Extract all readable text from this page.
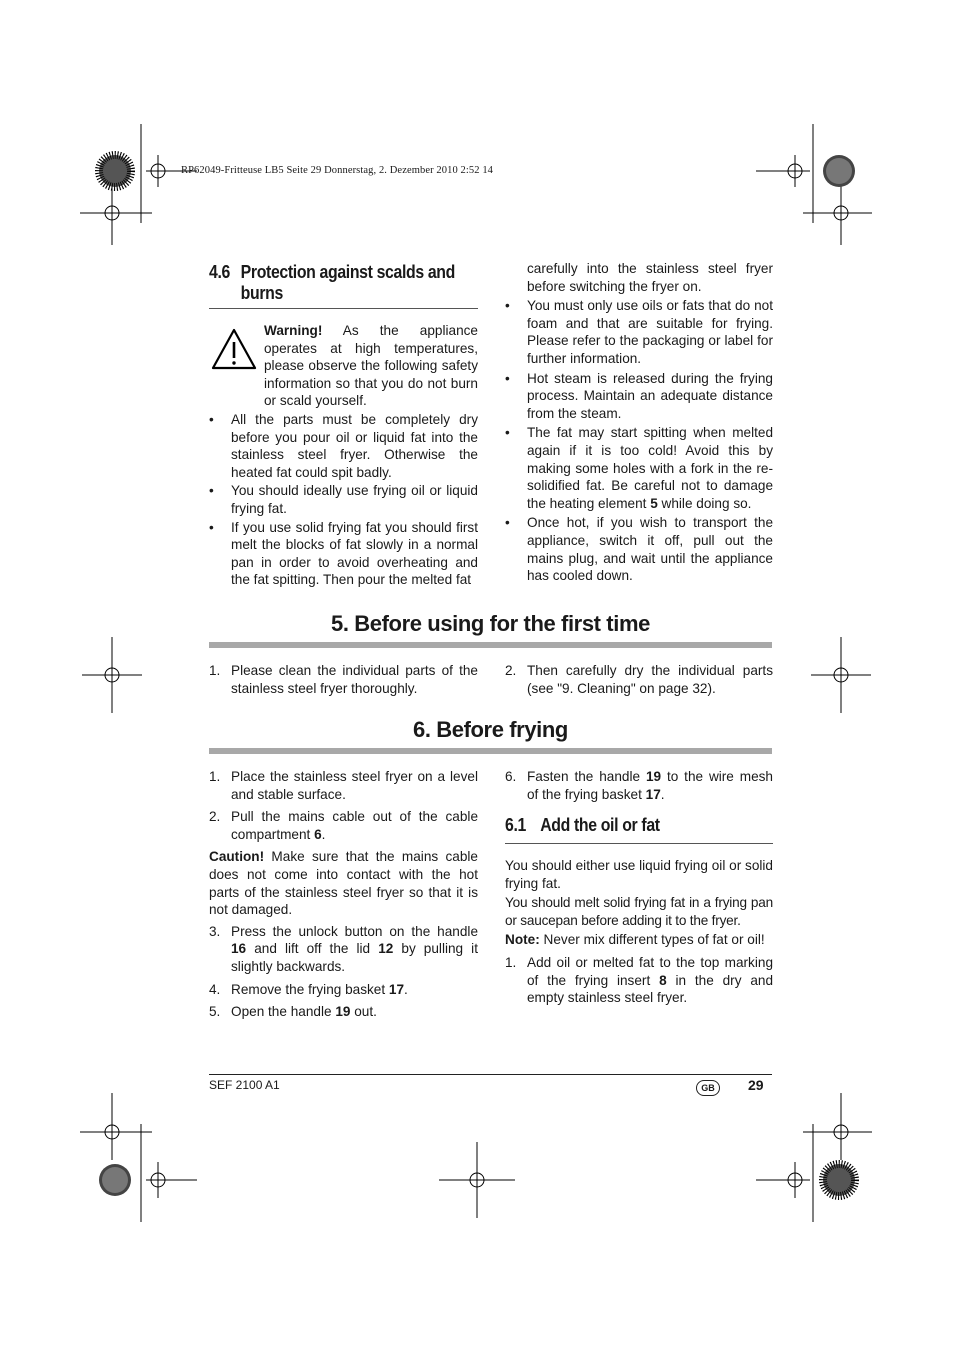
RP62049-Fritteuse LB5 Seite 29 Donnerstag, 2. Dezember 2010 2:52 14
4.6 Protection against scalds and
burns

Warning! As the appliance operates at high temperatures, please observe the following safety information so that you do not burn or scald yourself.

• All the parts must be completely dry before you pour oil or liquid fat into the stainless steel fryer. Otherwise the heated fat could spit badly.
• You should ideally use frying oil or liquid frying fat.
• If you use solid frying fat you should first melt the blocks of fat slowly in a normal pan in order to avoid overheating and the fat spitting. Then pour the melted fat

carefully into the stainless steel fryer before switching the fryer on.

• You must only use oils or fats that do not foam and that are suitable for frying. Please refer to the packaging or label for further information.
• Hot steam is released during the frying process. Maintain an adequate distance from the steam.
• The fat may start spitting when melted again if it is too cold! Avoid this by making some holes with a fork in the re-solidified fat. Be careful not to damage the heating element 5 while doing so.
• Once hot, if you wish to transport the appliance, switch it off, pull out the mains plug, and wait until the appliance has cooled down.
5. Before using for the first time
1. Please clean the individual parts of the stainless steel fryer thoroughly.
2. Then carefully dry the individual parts (see "9. Cleaning" on page 32).
6. Before frying
1. Place the stainless steel fryer on a level and stable surface.
2. Pull the mains cable out of the cable compartment 6.

Caution! Make sure that the mains cable does not come into contact with the hot parts of the stainless steel fryer so that it is not damaged.

3. Press the unlock button on the handle 16 and lift off the lid 12 by pulling it slightly backwards.
4. Remove the frying basket 17.
5. Open the handle 19 out.
6. Fasten the handle 19 to the wire mesh of the frying basket 17.
6.1 Add the oil or fat

You should either use liquid frying oil or solid frying fat.

You should melt solid frying fat in a frying pan or saucepan before adding it to the fryer.

Note: Never mix different types of fat or oil!

1. Add oil or melted fat to the top marking of the frying insert 8 in the dry and empty stainless steel fryer.
SEF 2100 A1	GB	29
